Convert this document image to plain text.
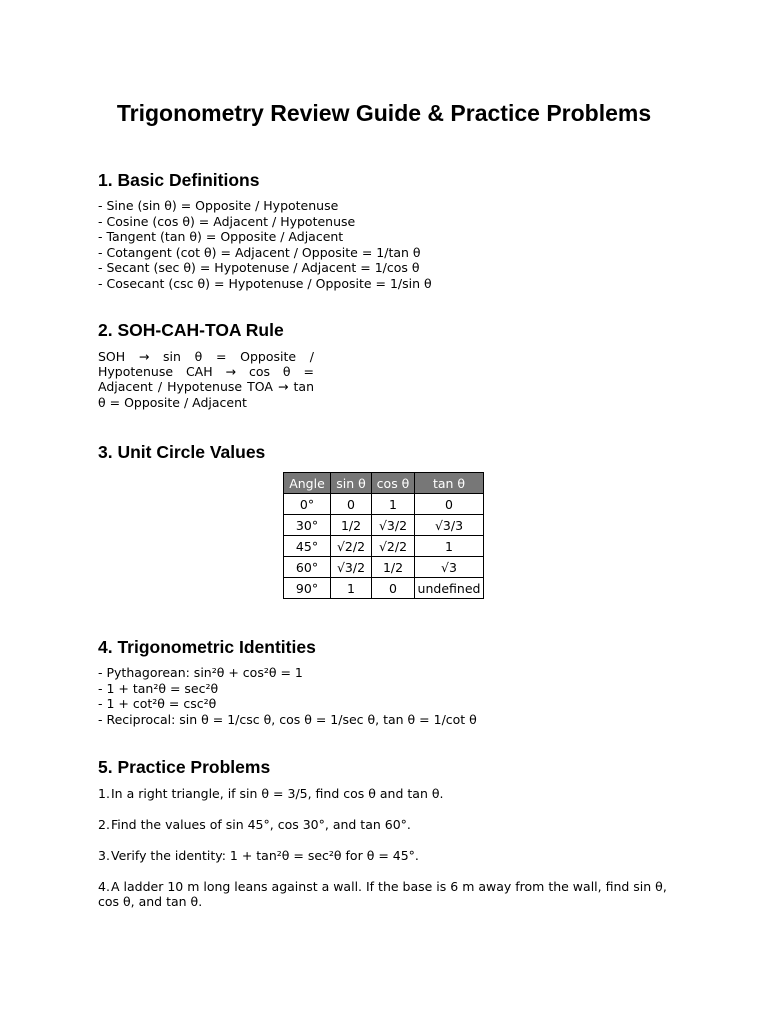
Trigonometry Review Guide & Practice Problems
1. Basic Definitions
- Sine (sin θ) = Opposite / Hypotenuse
- Cosine (cos θ) = Adjacent / Hypotenuse
- Tangent (tan θ) = Opposite / Adjacent
- Cotangent (cot θ) = Adjacent / Opposite = 1/tan θ
- Secant (sec θ) = Hypotenuse / Adjacent = 1/cos θ
- Cosecant (csc θ) = Hypotenuse / Opposite = 1/sin θ
2. SOH-CAH-TOA Rule
SOH → sin θ = Opposite / Hypotenuse CAH → cos θ = Adjacent / Hypotenuse TOA → tan θ = Opposite / Adjacent
3. Unit Circle Values
Angle	sin θ	cos θ	tan θ
0°	0	1	0
30°	1/2	√3/2	√3/3
45°	√2/2	√2/2	1
60°	√3/2	1/2	√3
90°	1	0	undefined
4. Trigonometric Identities
- Pythagorean: sin²θ + cos²θ = 1
- 1 + tan²θ = sec²θ
- 1 + cot²θ = csc²θ
- Reciprocal: sin θ = 1/csc θ, cos θ = 1/sec θ, tan θ = 1/cot θ
5. Practice Problems
1.In a right triangle, if sin θ = 3/5, find cos θ and tan θ.
2.Find the values of sin 45°, cos 30°, and tan 60°.
3.Verify the identity: 1 + tan²θ = sec²θ for θ = 45°.
4.A ladder 10 m long leans against a wall. If the base is 6 m away from the wall, find sin θ, cos θ, and tan θ.
